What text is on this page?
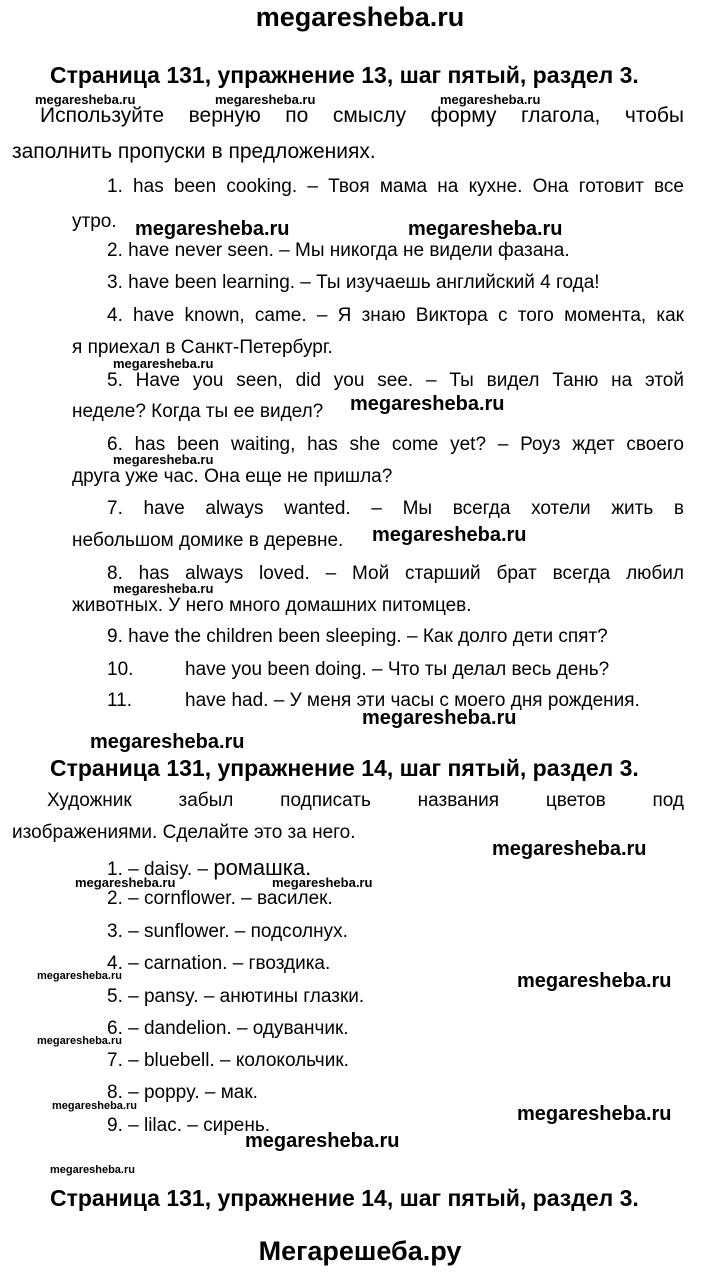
megaresheba.ru
Страница 131, упражнение 13, шаг пятый, раздел 3.
megaresheba.ru	megaresheba.ru	megaresheba.ru
Используйте верную по смыслу форму глагола, чтобы
заполнить пропуски в предложениях.
1. has been cooking. – Твоя мама на кухне. Она готовит все
утро. megaresheba.ru	megaresheba.ru
2. have never seen. – Мы никогда не видели фазана.
3. have been learning. – Ты изучаешь английский 4 года!
4. have known, came. – Я знаю Виктора с того момента, как
я приехал в Санкт-Петербург.
megaresheba.ru
5. Have you seen, did you see. – Ты видел Таню на этой
неделе? Когда ты ее видел? megaresheba.ru
6. has been waiting, has she come yet? – Роуз ждет своего
megaresheba.ru
друга уже час. Она еще не пришла?
7. have always wanted. – Мы всегда хотели жить в
небольшом домике в деревне. megaresheba.ru
8. has always loved. – Мой старший брат всегда любил
megaresheba.ru
животных. У него много домашних питомцев.
9. have the children been sleeping. – Как долго дети спят?
10.	have you been doing. – Что ты делал весь день?
11.	have had. – У меня эти часы с моего дня рождения.
megaresheba.ru
megaresheba.ru
Страница 131, упражнение 14, шаг пятый, раздел 3.
Художник забыл подписать названия цветов под
изображениями. Сделайте это за него.
megaresheba.ru
1. – daisy. – ромашка.
megaresheba.ru	megaresheba.ru
2. – cornflower. – василек.
3. – sunflower. – подсолнух.
4. – carnation. – гвоздика.
megaresheba.ru	megaresheba.ru
5. – pansy. – анютины глазки.
6. – dandelion. – одуванчик.
megaresheba.ru
7. – bluebell. – колокольчик.
8. – poppy. – мак.
megaresheba.ru	megaresheba.ru
9. – lilac. – сирень.
megaresheba.ru
megaresheba.ru
Страница 131, упражнение 14, шаг пятый, раздел 3.
Мегарешеба.ру
